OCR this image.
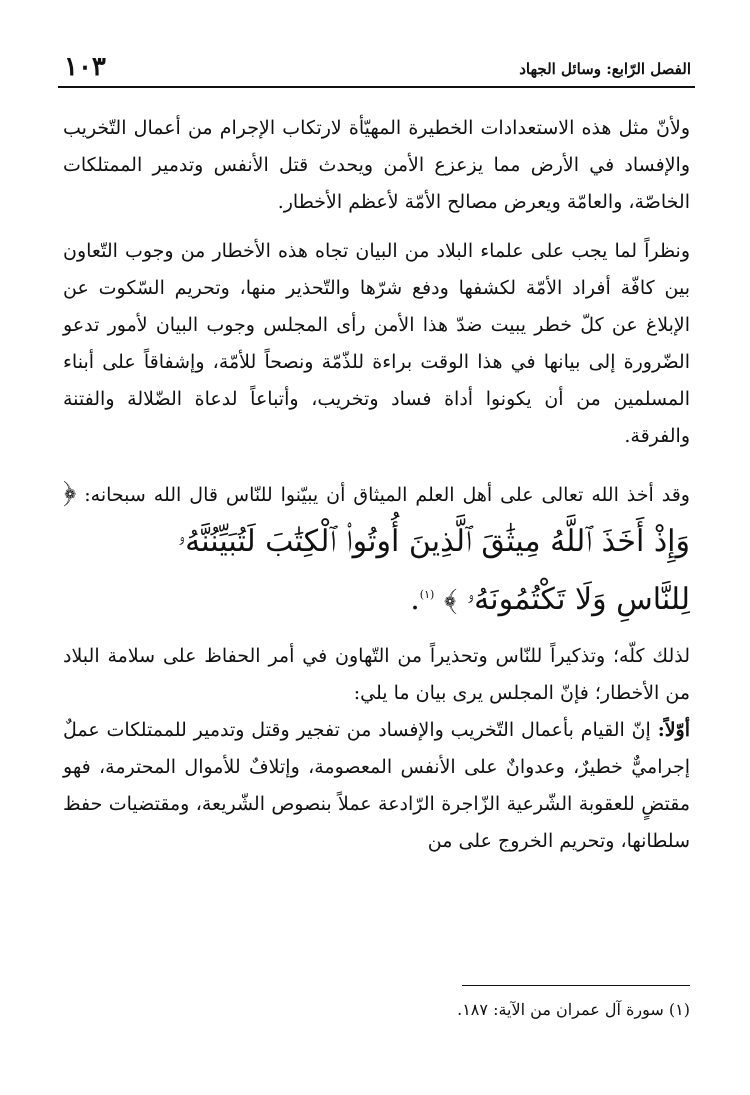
الفصل الرّابع: وسائل الجهاد
١٠٣

ولأنّ مثل هذه الاستعدادات الخطيرة المهيّأة لارتكاب الإجرام من أعمال التّخريب والإفساد في الأرض مما يزعزع الأمن ويحدث قتل الأنفس وتدمير الممتلكات الخاصّة، والعامّة ويعرض مصالح الأمّة لأعظم الأخطار.

ونظراً لما يجب على علماء البلاد من البيان تجاه هذه الأخطار من وجوب التّعاون بين كافّة أفراد الأمّة لكشفها ودفع شرّها والتّحذير منها، وتحريم السّكوت عن الإبلاغ عن كلّ خطر يبيت ضدّ هذا الأمن رأى المجلس وجوب البيان لأمور تدعو الضّرورة إلى بيانها في هذا الوقت براءة للذّمّة ونصحاً للأمّة، وإشفاقاً على أبناء المسلمين من أن يكونوا أداة فساد وتخريب، وأتباعاً لدعاة الضّلالة والفتنة والفرقة.

وقد أخذ الله تعالى على أهل العلم الميثاق أن يبيّنوا للنّاس قال الله سبحانه: ﴿ وَإِذْ أَخَذَ ٱللَّهُ مِيثَٰقَ ٱلَّذِينَ أُوتُوا۟ ٱلْكِتَٰبَ لَتُبَيِّنُنَّهُۥ

لِلنَّاسِ وَلَا تَكْتُمُونَهُۥ ﴾ $^{(١)}$.

لذلك كلّه؛ وتذكيراً للنّاس وتحذيراً من التّهاون في أمر الحفاظ على سلامة البلاد من الأخطار؛ فإنّ المجلس يرى بيان ما يلي:

أوّلاً: إنّ القيام بأعمال التّخريب والإفساد من تفجير وقتل وتدمير للممتلكات عملٌ إجراميٌّ خطيرٌ، وعدوانٌ على الأنفس المعصومة، وإتلافٌ للأموال المحترمة، فهو مقتضٍ للعقوبة الشّرعية الزّاجرة الرّادعة عملاً بنصوص الشّريعة، ومقتضيات حفظ سلطانها، وتحريم الخروج على من

(١) سورة آل عمران من الآية: ١٨٧.
